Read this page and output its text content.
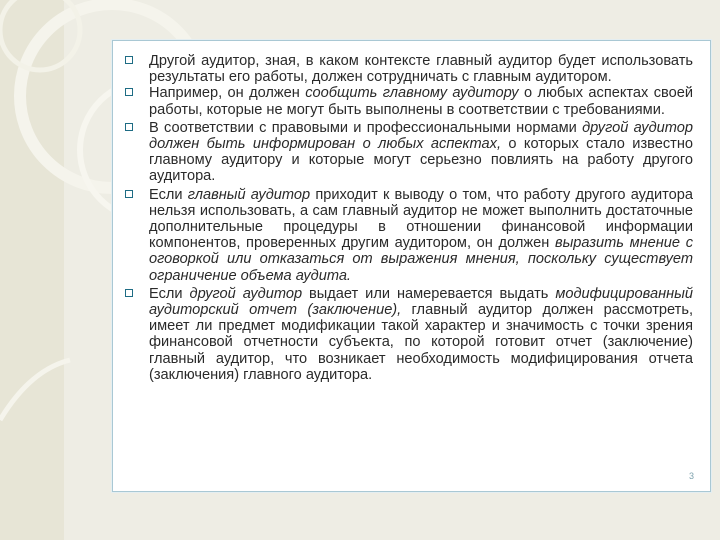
Другой аудитор, зная, в каком контексте главный аудитор будет использовать результаты его работы, должен сотрудничать с главным аудитором.
Например, он должен сообщить главному аудитору о любых аспектах своей работы, которые не могут быть выполнены в соответствии с требованиями.
В соответствии с правовыми и профессиональными нормами другой аудитор должен быть информирован о любых аспектах, о которых стало известно главному аудитору и которые могут серьезно повлиять на работу другого аудитора.
Если главный аудитор приходит к выводу о том, что работу другого аудитора нельзя использовать, а сам главный аудитор не может выполнить достаточные дополнительные процедуры в отношении финансовой информации компонентов, проверенных другим аудитором, он должен выразить мнение с оговоркой или отказаться от выражения мнения, поскольку существует ограничение объема аудита.
Если другой аудитор выдает или намеревается выдать модифицированный аудиторский отчет (заключение), главный аудитор должен рассмотреть, имеет ли предмет модификации такой характер и значимость с точки зрения финансовой отчетности субъекта, по которой готовит отчет (заключение) главный аудитор, что возникает необходимость модифицирования отчета (заключения) главного аудитора.
3
